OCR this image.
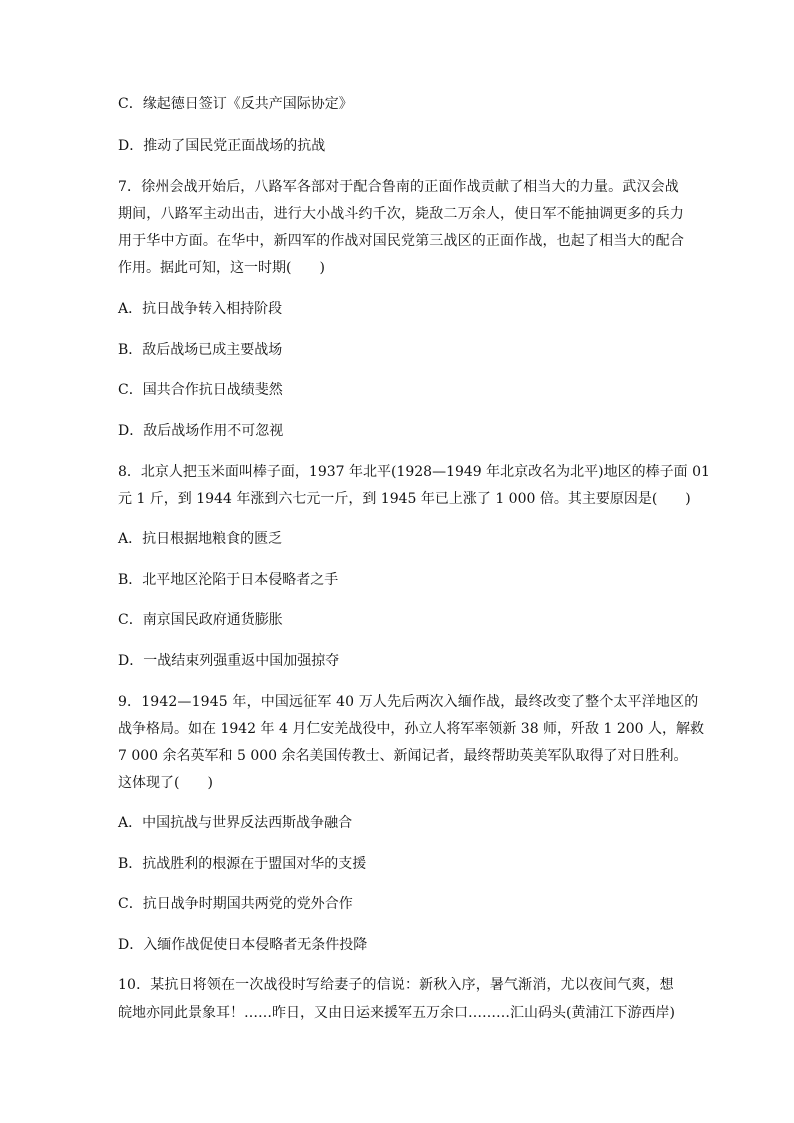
C．缘起德日签订《反共产国际协定》
D．推动了国民党正面战场的抗战
7．徐州会战开始后，八路军各部对于配合鲁南的正面作战贡献了相当大的力量。武汉会战
期间，八路军主动出击，进行大小战斗约千次，毙敌二万余人，使日军不能抽调更多的兵力
用于华中方面。在华中，新四军的作战对国民党第三战区的正面作战，也起了相当大的配合
作用。据此可知，这一时期(　　)
A．抗日战争转入相持阶段
B．敌后战场已成主要战场
C．国共合作抗日战绩斐然
D．敌后战场作用不可忽视
8．北京人把玉米面叫棒子面，1937 年北平(1928—1949 年北京改名为北平)地区的棒子面 01
元 1 斤，到 1944 年涨到六七元一斤，到 1945 年已上涨了 1 000 倍。其主要原因是(　　)
A．抗日根据地粮食的匮乏
B．北平地区沦陷于日本侵略者之手
C．南京国民政府通货膨胀
D．一战结束列强重返中国加强掠夺
9．1942—1945 年，中国远征军 40 万人先后两次入缅作战，最终改变了整个太平洋地区的
战争格局。如在 1942 年 4 月仁安羌战役中，孙立人将军率领新 38 师，歼敌 1 200 人，解救
7 000 余名英军和 5 000 余名美国传教士、新闻记者，最终帮助英美军队取得了对日胜利。
这体现了(　　)
A．中国抗战与世界反法西斯战争融合
B．抗战胜利的根源在于盟国对华的支援
C．抗日战争时期国共两党的党外合作
D．入缅作战促使日本侵略者无条件投降
10．某抗日将领在一次战役时写给妻子的信说：新秋入序，暑气渐消，尤以夜间气爽，想
皖地亦同此景象耳！……昨日，又由日运来援军五万余口………汇山码头(黄浦江下游西岸)
